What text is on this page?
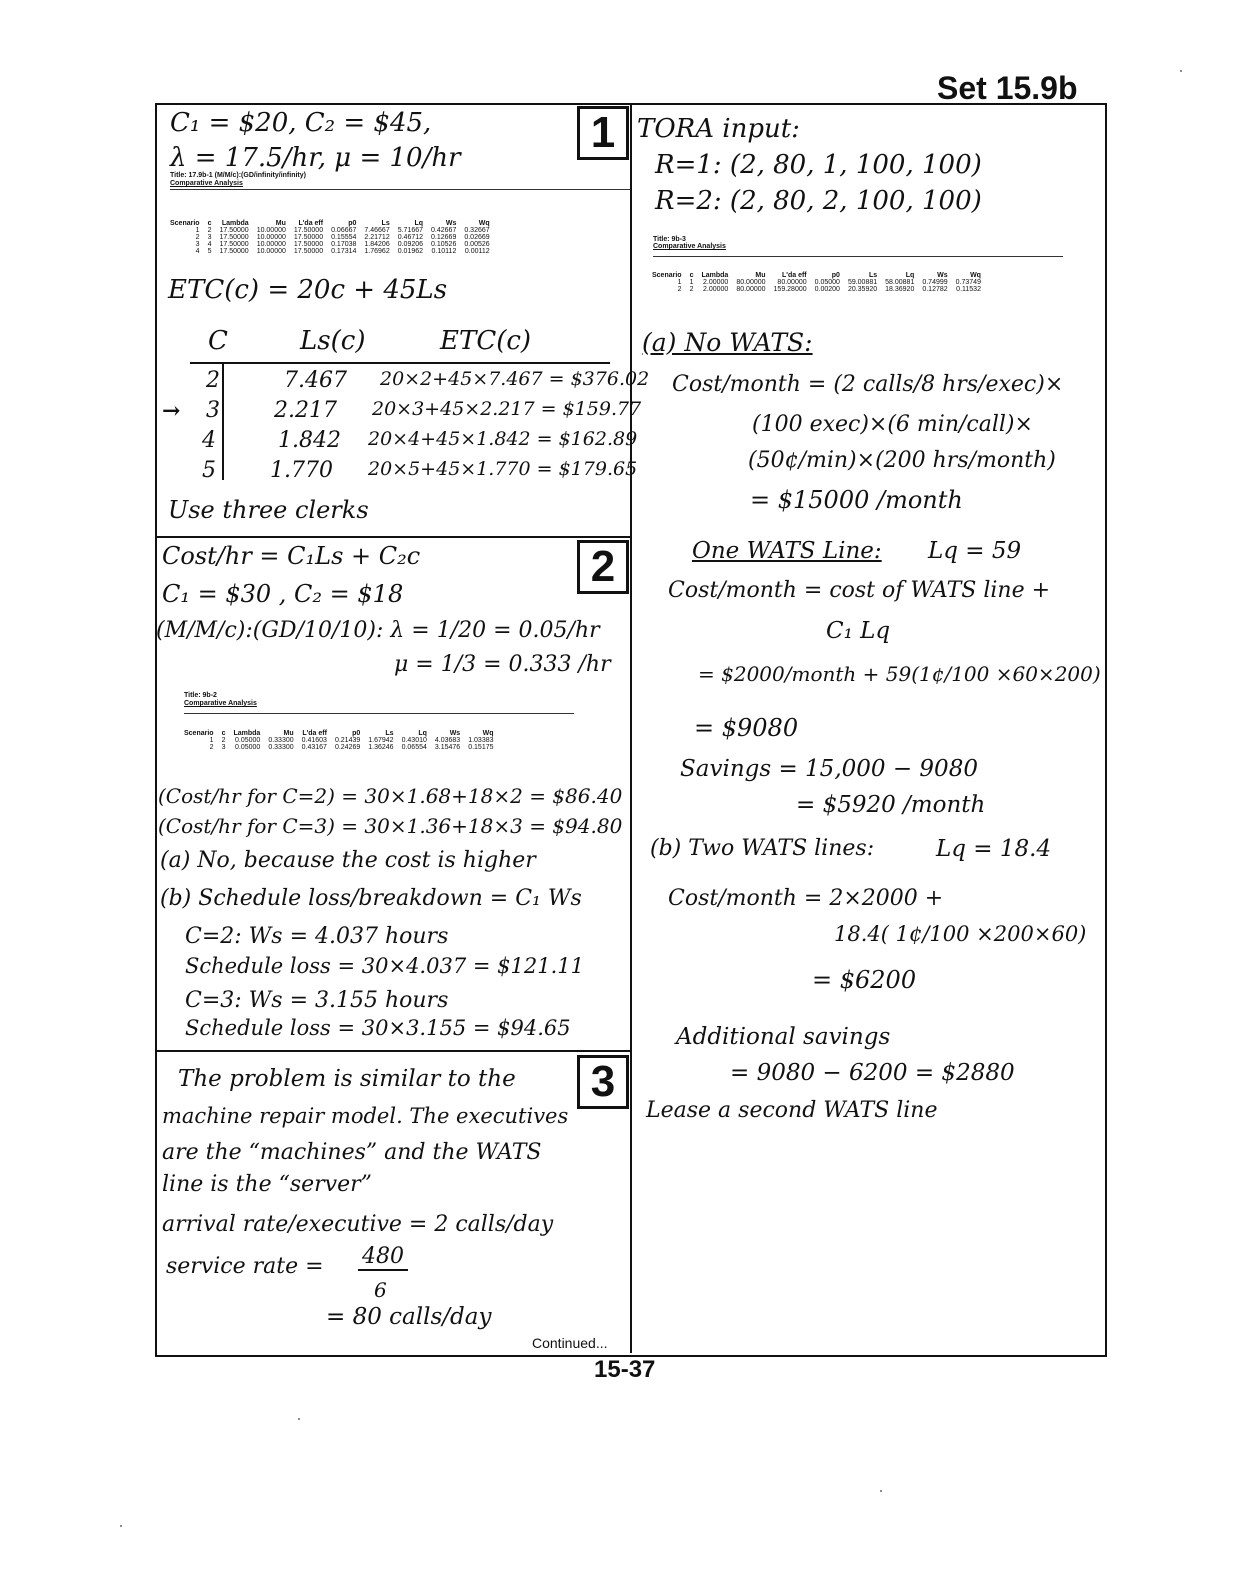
Set 15.9b
1
C₁ = $20, C₂ = $45,
λ = 17.5/hr, μ = 10/hr
Title: 17.9b-1 (M/M/c):(GD/infinity/infinity)
Comparative Analysis
Scenario	c	Lambda	Mu	L'da eff	p0	Ls	Lq	Ws	Wq
1	2	17.50000	10.00000	17.50000	0.06667	7.46667	5.71667	0.42667	0.32667
2	3	17.50000	10.00000	17.50000	0.15554	2.21712	0.46712	0.12669	0.02669
3	4	17.50000	10.00000	17.50000	0.17038	1.84206	0.09206	0.10526	0.00526
4	5	17.50000	10.00000	17.50000	0.17314	1.76962	0.01962	0.10112	0.00112
ETC(c) = 20c + 45Ls
C	Ls(c)	ETC(c)
2	7.467 20×2+45×7.467 = $376.02
→ 3 2.217 20×3+45×2.217 = $159.77
4	1.842 20×4+45×1.842 = $162.89
5 1.770 20×5+45×1.770 = $179.65
Use three clerks
2
Cost/hr = C₁Ls + C₂c
C₁ = $30 , C₂ = $18
(M/M/c):(GD/10/10): λ = 1/20 = 0.05/hr
μ = 1/3 = 0.333 /hr
Title: 9b-2
Comparative Analysis
Scenario	c	Lambda	Mu	L'da eff	p0	Ls	Lq	Ws	Wq
1	2	0.05000	0.33300	0.41603	0.21439	1.67942	0.43010	4.03683	1.03383
2	3	0.05000	0.33300	0.43167	0.24269	1.36246	0.06554	3.15476	0.15175
(Cost/hr for C=2) = 30×1.68+18×2 = $86.40
(Cost/hr for C=3) = 30×1.36+18×3 = $94.80
(a) No, because the cost is higher
(b) Schedule loss/breakdown = C₁ Ws
C=2: Ws = 4.037 hours
Schedule loss = 30×4.037 = $121.11
C=3: Ws = 3.155 hours
Schedule loss = 30×3.155 = $94.65
3
The problem is similar to the
machine repair model. The executives
are the “machines” and the WATS
line is the “server”
arrival rate/executive = 2 calls/day
service rate = 480
6
= 80 calls/day
TORA input:
R=1: (2, 80, 1, 100, 100)
R=2: (2, 80, 2, 100, 100)
Title: 9b-3
Comparative Analysis
Scenario	c	Lambda	Mu	L'da eff	p0	Ls	Lq	Ws	Wq
1	1	2.00000	80.00000	80.00000	0.05000	59.00881	58.00881	0.74999	0.73749
2	2	2.00000	80.00000	159.28000	0.00200	20.35920	18.36920	0.12782	0.11532
(a) No WATS:
Cost/month = (2 calls/8 hrs/exec)×
(100 exec)×(6 min/call)×
(50¢/min)×(200 hrs/month)
= $15000 /month
One WATS Line: Lq = 59
Cost/month = cost of WATS line +
C₁ Lq
= $2000/month + 59(1¢/100 ×60×200)
= $9080
Savings = 15,000 − 9080
= $5920 /month
(b) Two WATS lines:	Lq = 18.4
Cost/month = 2×2000 +
18.4( 1¢/100 ×200×60)
= $6200
Additional savings
= 9080 − 6200 = $2880
Lease a second WATS line
Continued...
15-37
